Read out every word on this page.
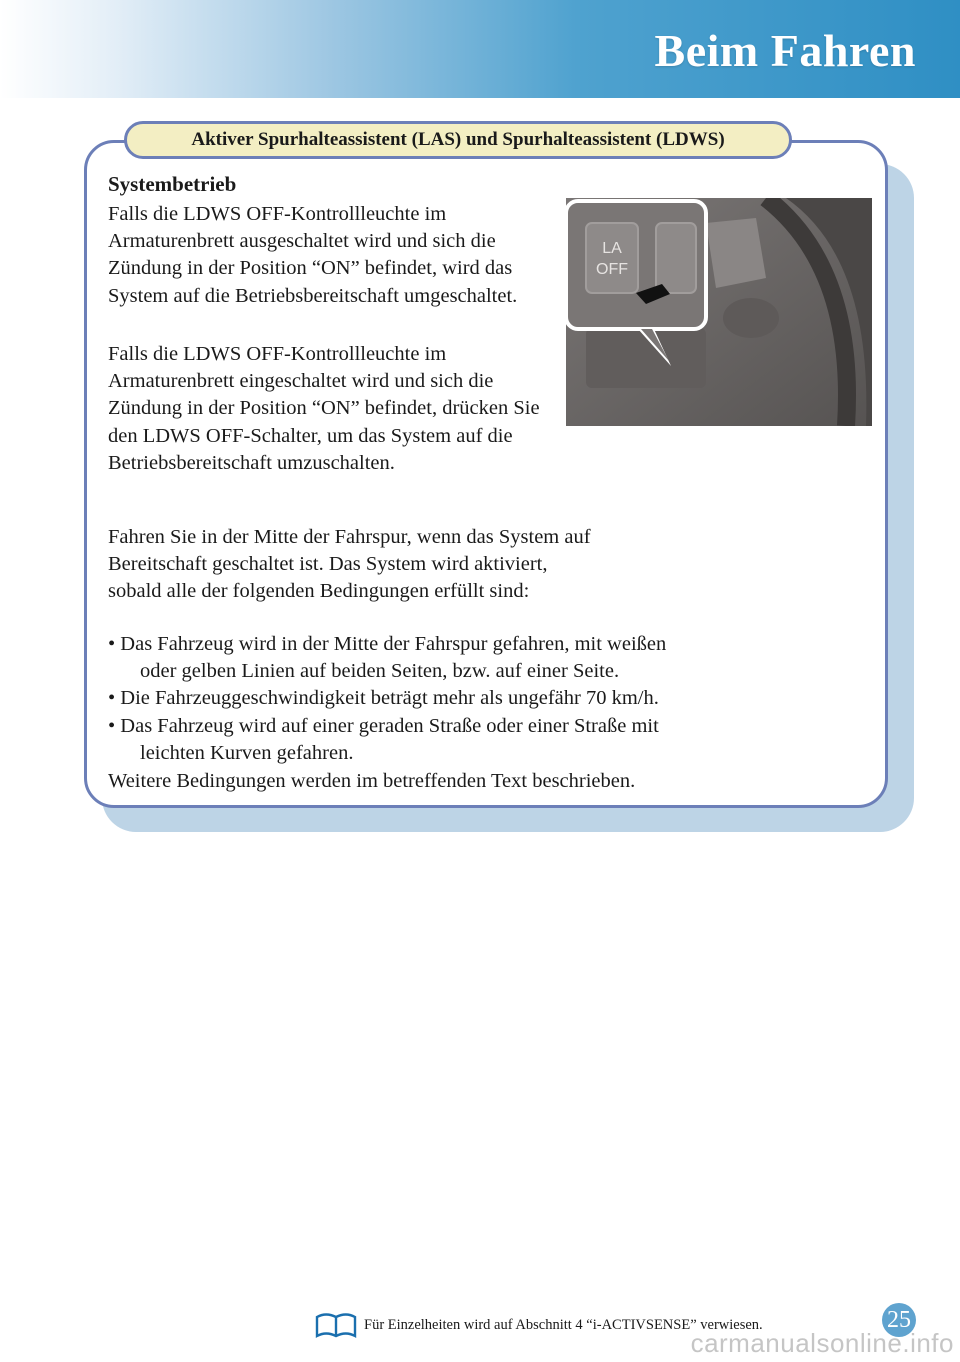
Beim Fahren
Aktiver Spurhalteassistent (LAS) und Spurhalteassistent (LDWS)
Systembetrieb
Falls die LDWS OFF-Kontrollleuchte im Armaturenbrett ausgeschaltet wird und sich die Zündung in der Position “ON” befindet, wird das System auf die Betriebsbereitschaft umgeschaltet.
Falls die LDWS OFF-Kontrollleuchte im Armaturenbrett eingeschaltet wird und sich die Zündung in der Position “ON” befindet, drücken Sie den LDWS OFF-Schalter, um das System auf die Betriebsbereitschaft umzuschalten.
Fahren Sie in der Mitte der Fahrspur, wenn das System auf Bereitschaft geschaltet ist. Das System wird aktiviert, sobald alle der folgenden Bedingungen erfüllt sind:
• Das Fahrzeug wird in der Mitte der Fahrspur gefahren, mit weißen
oder gelben Linien auf beiden Seiten, bzw. auf einer Seite.
• Die Fahrzeuggeschwindigkeit beträgt mehr als ungefähr 70 km/h.
• Das Fahrzeug wird auf einer geraden Straße oder einer Straße mit
leichten Kurven gefahren.
Weitere Bedingungen werden im betreffenden Text beschrieben.
LA
OFF
Für Einzelheiten wird auf Abschnitt 4 “i-ACTIVSENSE” verwiesen.	25
carmanualsonline.info
